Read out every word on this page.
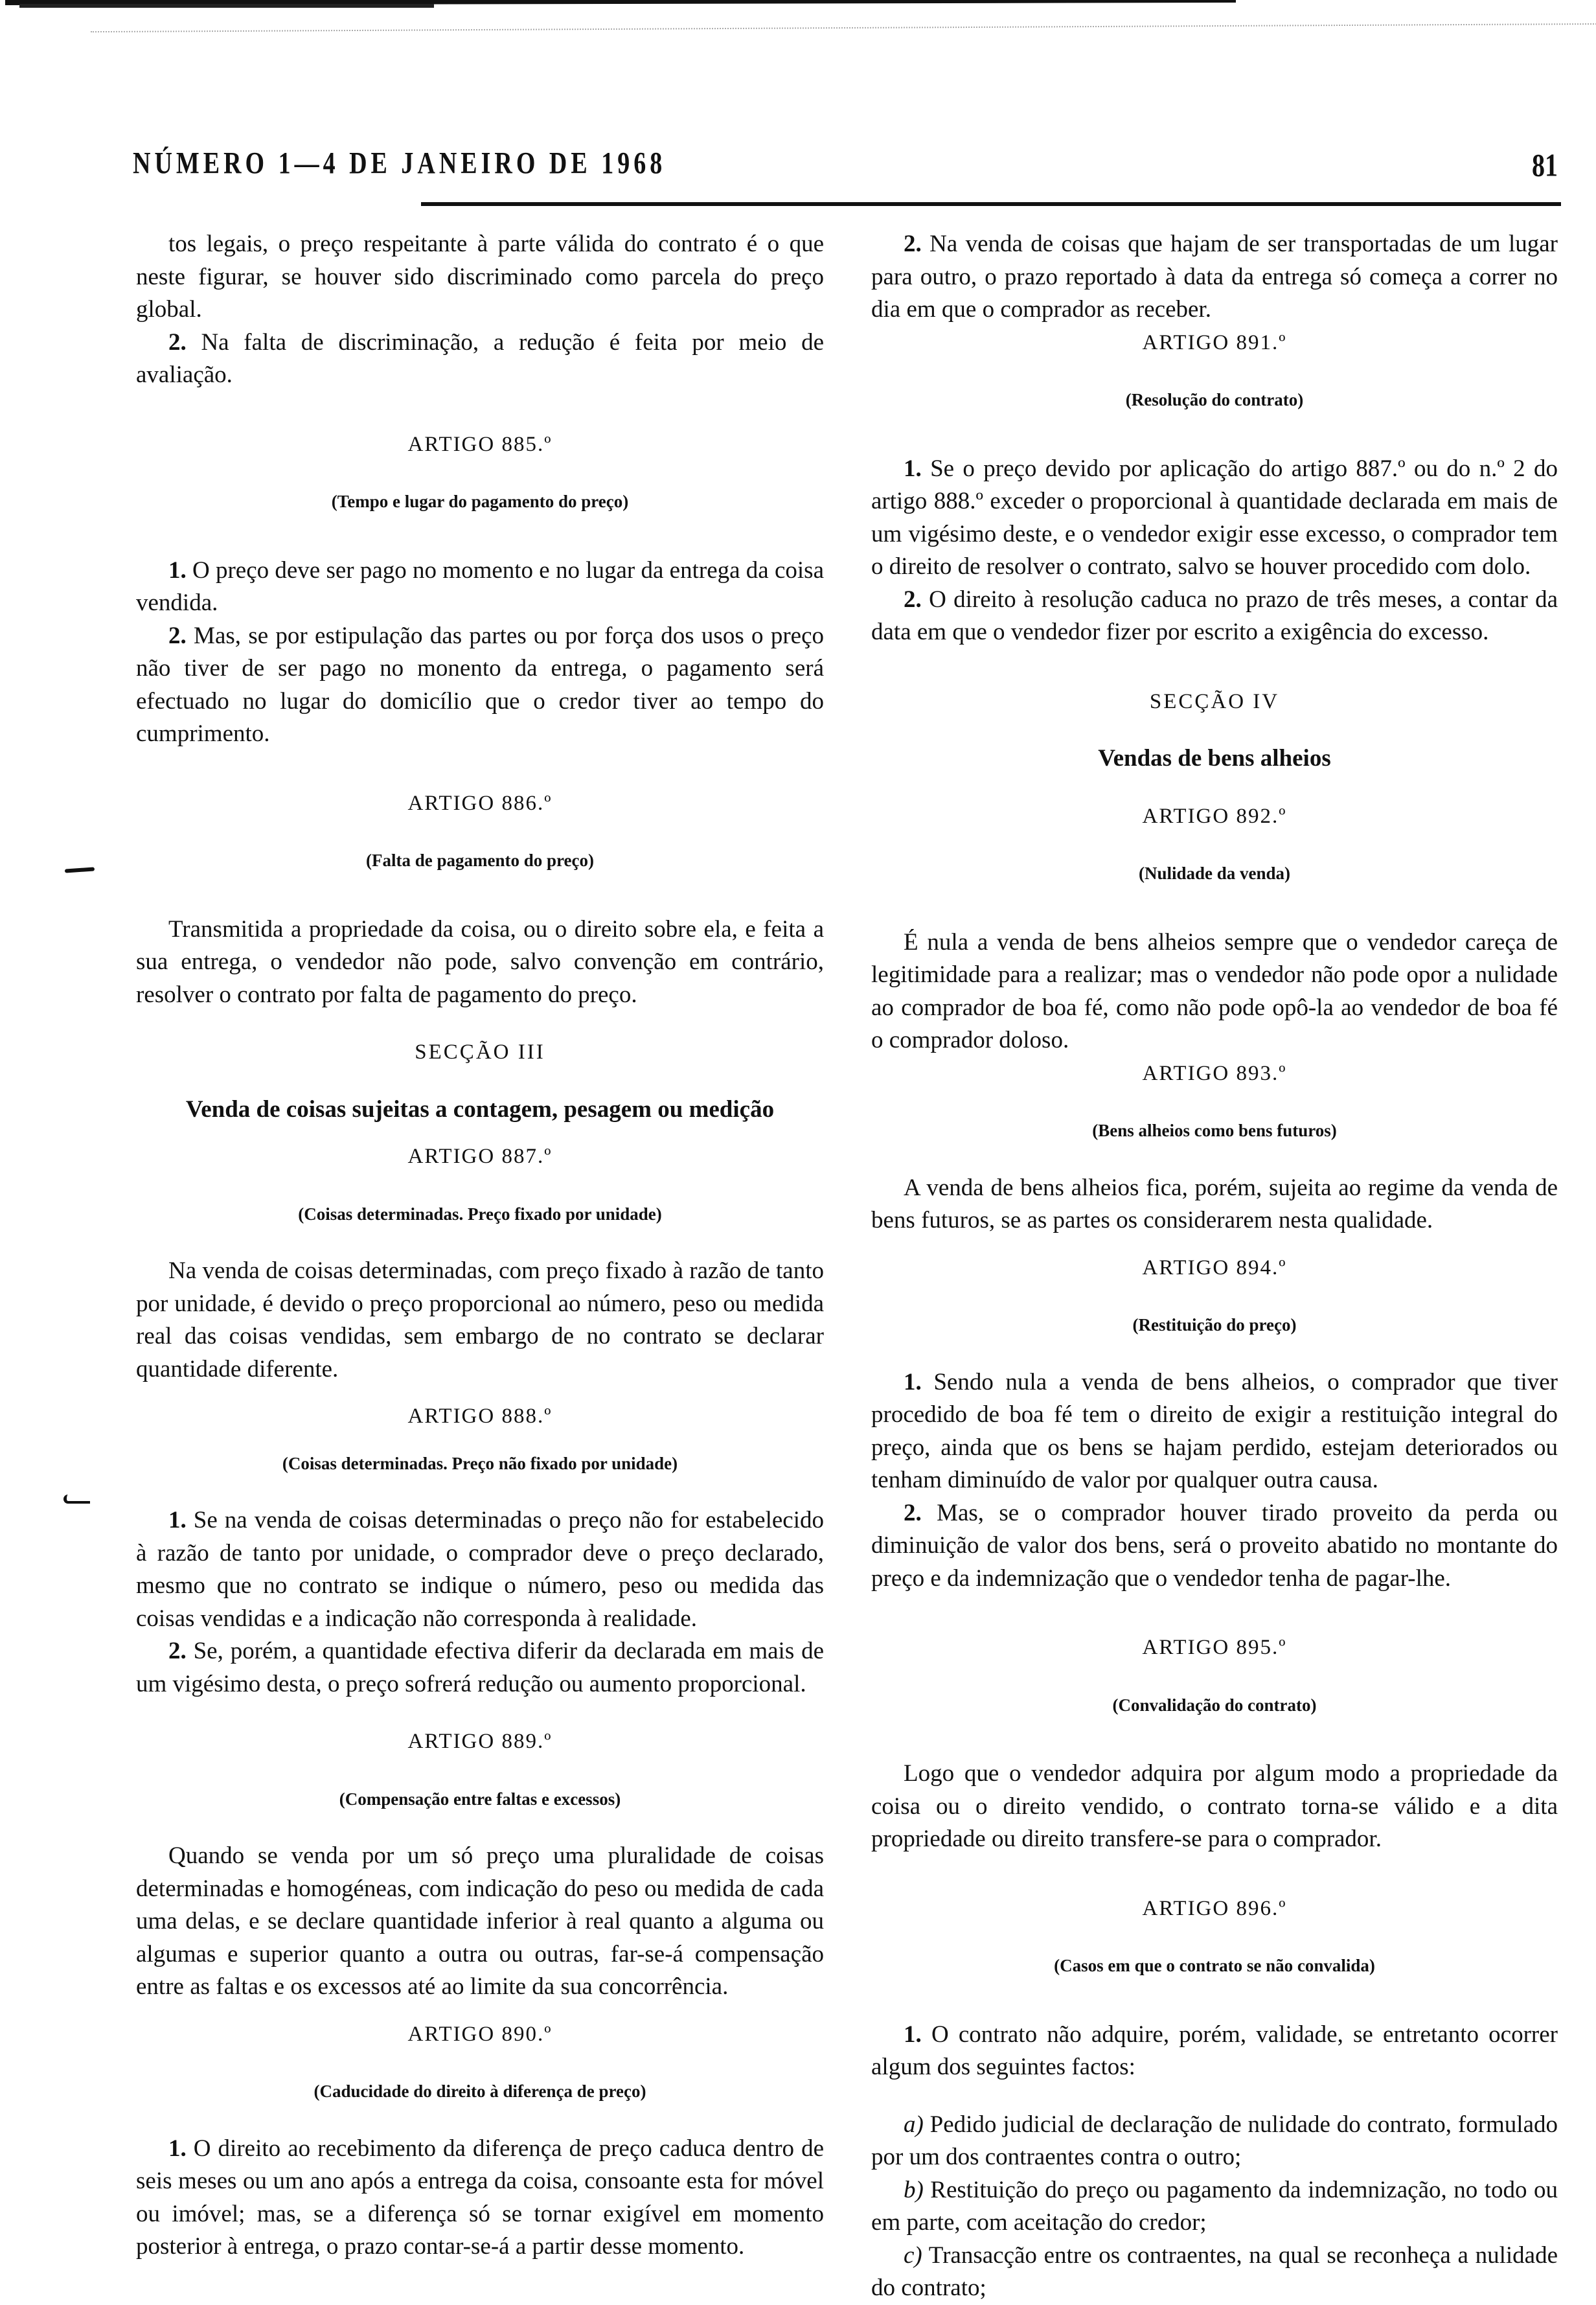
NÚMERO 1—4 DE JANEIRO DE 1968	81

tos legais, o preço respeitante à parte válida do contrato é o que neste figurar, se houver sido discriminado como parcela do preço global.

2. Na falta de discriminação, a redução é feita por meio de avaliação.

ARTIGO 885.º

(Tempo e lugar do pagamento do preço)

1. O preço deve ser pago no momento e no lugar da entrega da coisa vendida.

2. Mas, se por estipulação das partes ou por força dos usos o preço não tiver de ser pago no monento da entrega, o pagamento será efectuado no lugar do domicílio que o credor tiver ao tempo do cumprimento.

ARTIGO 886.º

(Falta de pagamento do preço)

Transmitida a propriedade da coisa, ou o direito sobre ela, e feita a sua entrega, o vendedor não pode, salvo convenção em contrário, resolver o contrato por falta de pagamento do preço.

SECÇÃO III

Venda de coisas sujeitas a contagem, pesagem ou medição

ARTIGO 887.º

(Coisas determinadas. Preço fixado por unidade)

Na venda de coisas determinadas, com preço fixado à razão de tanto por unidade, é devido o preço proporcional ao número, peso ou medida real das coisas vendidas, sem embargo de no contrato se declarar quantidade diferente.

ARTIGO 888.º

(Coisas determinadas. Preço não fixado por unidade)

1. Se na venda de coisas determinadas o preço não for estabelecido à razão de tanto por unidade, o comprador deve o preço declarado, mesmo que no contrato se indique o número, peso ou medida das coisas vendidas e a indicação não corresponda à realidade.

2. Se, porém, a quantidade efectiva diferir da declarada em mais de um vigésimo desta, o preço sofrerá redução ou aumento proporcional.

ARTIGO 889.º

(Compensação entre faltas e excessos)

Quando se venda por um só preço uma pluralidade de coisas determinadas e homogéneas, com indicação do peso ou medida de cada uma delas, e se declare quantidade inferior à real quanto a alguma ou algumas e superior quanto a outra ou outras, far-se-á compensação entre as faltas e os excessos até ao limite da sua concorrência.

ARTIGO 890.º

(Caducidade do direito à diferença de preço)

1. O direito ao recebimento da diferença de preço caduca dentro de seis meses ou um ano após a entrega da coisa, consoante esta for móvel ou imóvel; mas, se a diferença só se tornar exigível em momento posterior à entrega, o prazo contar-se-á a partir desse momento.

2. Na venda de coisas que hajam de ser transportadas de um lugar para outro, o prazo reportado à data da entrega só começa a correr no dia em que o comprador as receber.

ARTIGO 891.º

(Resolução do contrato)

1. Se o preço devido por aplicação do artigo 887.º ou do n.º 2 do artigo 888.º exceder o proporcional à quantidade declarada em mais de um vigésimo deste, e o vendedor exigir esse excesso, o comprador tem o direito de resolver o contrato, salvo se houver procedido com dolo.

2. O direito à resolução caduca no prazo de três meses, a contar da data em que o vendedor fizer por escrito a exigência do excesso.

SECÇÃO IV

Vendas de bens alheios

ARTIGO 892.º

(Nulidade da venda)

É nula a venda de bens alheios sempre que o vendedor careça de legitimidade para a realizar; mas o vendedor não pode opor a nulidade ao comprador de boa fé, como não pode opô-la ao vendedor de boa fé o comprador doloso.

ARTIGO 893.º

(Bens alheios como bens futuros)

A venda de bens alheios fica, porém, sujeita ao regime da venda de bens futuros, se as partes os considerarem nesta qualidade.

ARTIGO 894.º

(Restituição do preço)

1. Sendo nula a venda de bens alheios, o comprador que tiver procedido de boa fé tem o direito de exigir a restituição integral do preço, ainda que os bens se hajam perdido, estejam deteriorados ou tenham diminuído de valor por qualquer outra causa.

2. Mas, se o comprador houver tirado proveito da perda ou diminuição de valor dos bens, será o proveito abatido no montante do preço e da indemnização que o vendedor tenha de pagar-lhe.

ARTIGO 895.º

(Convalidação do contrato)

Logo que o vendedor adquira por algum modo a propriedade da coisa ou o direito vendido, o contrato torna-se válido e a dita propriedade ou direito transfere-se para o comprador.

ARTIGO 896.º

(Casos em que o contrato se não convalida)

1. O contrato não adquire, porém, validade, se entretanto ocorrer algum dos seguintes factos:

a) Pedido judicial de declaração de nulidade do contrato, formulado por um dos contraentes contra o outro;

b) Restituição do preço ou pagamento da indemnização, no todo ou em parte, com aceitação do credor;

c) Transacção entre os contraentes, na qual se reconheça a nulidade do contrato;
